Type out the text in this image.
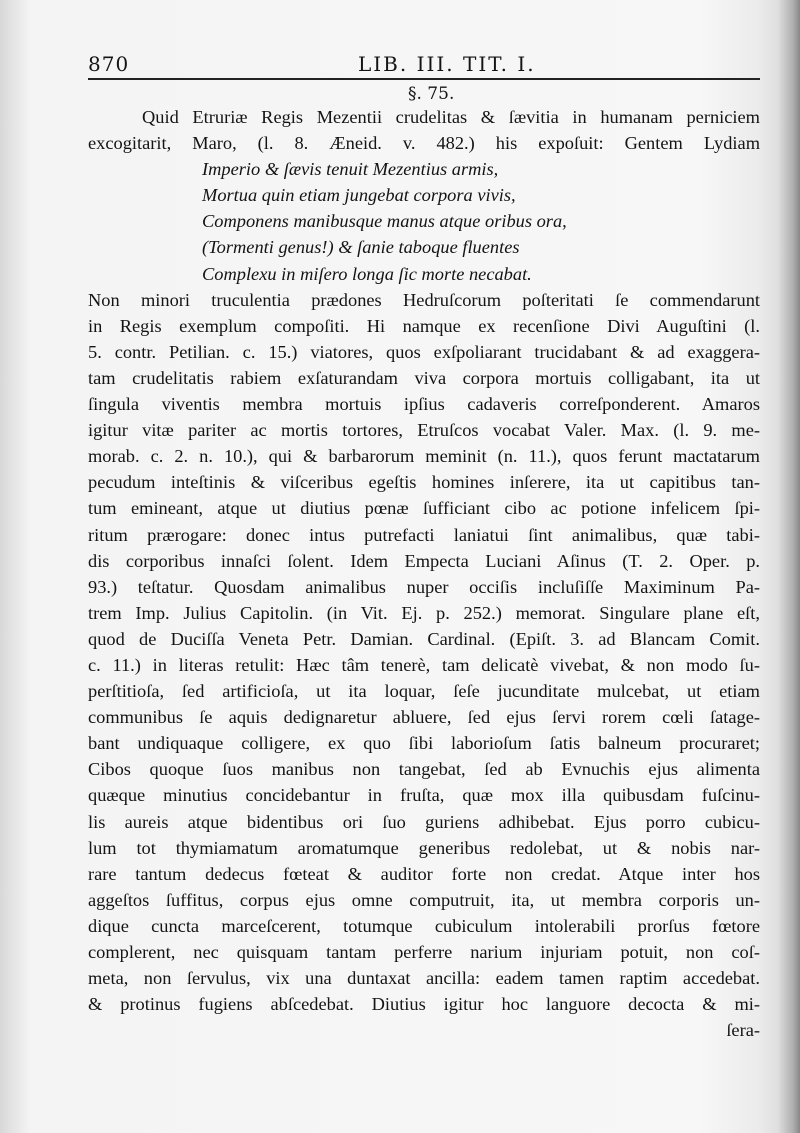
870	LIB. III. TIT. I.
§. 75.
Quid Etruriæ Regis Mezentii crudelitas & ſævitia in humanam perniciem
excogitarit, Maro, (l. 8. Æneid. v. 482.) his expoſuit: Gentem Lydiam
Imperio & ſævis tenuit Mezentius armis,
Mortua quin etiam jungebat corpora vivis,
Componens manibusque manus atque oribus ora,
(Tormenti genus!) & ſanie taboque fluentes
Complexu in miſero longa ſic morte necabat.
Non minori truculentia prædones Hedruſcorum poſteritati ſe commendarunt
in Regis exemplum compoſiti. Hi namque ex recenſione Divi Auguſtini (l.
5. contr. Petilian. c. 15.) viatores, quos exſpoliarant trucidabant & ad exaggera-
tam crudelitatis rabiem exſaturandam viva corpora mortuis colligabant, ita ut
ſingula viventis membra mortuis ipſius cadaveris correſponderent. Amaros
igitur vitæ pariter ac mortis tortores, Etruſcos vocabat Valer. Max. (l. 9. me-
morab. c. 2. n. 10.), qui & barbarorum meminit (n. 11.), quos ferunt mactatarum
pecudum inteſtinis & viſceribus egeſtis homines inſerere, ita ut capitibus tan-
tum emineant, atque ut diutius pœnæ ſufficiant cibo ac potione infelicem ſpi-
ritum prærogare: donec intus putrefacti laniatui ſint animalibus, quæ tabi-
dis corporibus innaſci ſolent. Idem Empecta Luciani Aſinus (T. 2. Oper. p.
93.) teſtatur. Quosdam animalibus nuper occiſis incluſiſſe Maximinum Pa-
trem Imp. Julius Capitolin. (in Vit. Ej. p. 252.) memorat. Singulare plane eſt,
quod de Duciſſa Veneta Petr. Damian. Cardinal. (Epiſt. 3. ad Blancam Comit.
c. 11.) in literas retulit: Hæc tâm tenerè, tam delicatè vivebat, & non modo ſu-
perſtitioſa, ſed artificioſa, ut ita loquar, ſeſe jucunditate mulcebat, ut etiam
communibus ſe aquis dedignaretur abluere, ſed ejus ſervi rorem cœli ſatage-
bant undiquaque colligere, ex quo ſibi laborioſum ſatis balneum procuraret;
Cibos quoque ſuos manibus non tangebat, ſed ab Evnuchis ejus alimenta
quæque minutius concidebantur in fruſta, quæ mox illa quibusdam fuſcinu-
lis aureis atque bidentibus ori ſuo guriens adhibebat. Ejus porro cubicu-
lum tot thymiamatum aromatumque generibus redolebat, ut & nobis nar-
rare tantum dedecus fœteat & auditor forte non credat. Atque inter hos
aggeſtos ſuffitus, corpus ejus omne computruit, ita, ut membra corporis un-
dique cuncta marceſcerent, totumque cubiculum intolerabili prorſus fœtore
complerent, nec quisquam tantam perferre narium injuriam potuit, non coſ-
meta, non ſervulus, vix una duntaxat ancilla: eadem tamen raptim accedebat.
& protinus fugiens abſcedebat. Diutius igitur hoc languore decocta & mi-
ſera-
